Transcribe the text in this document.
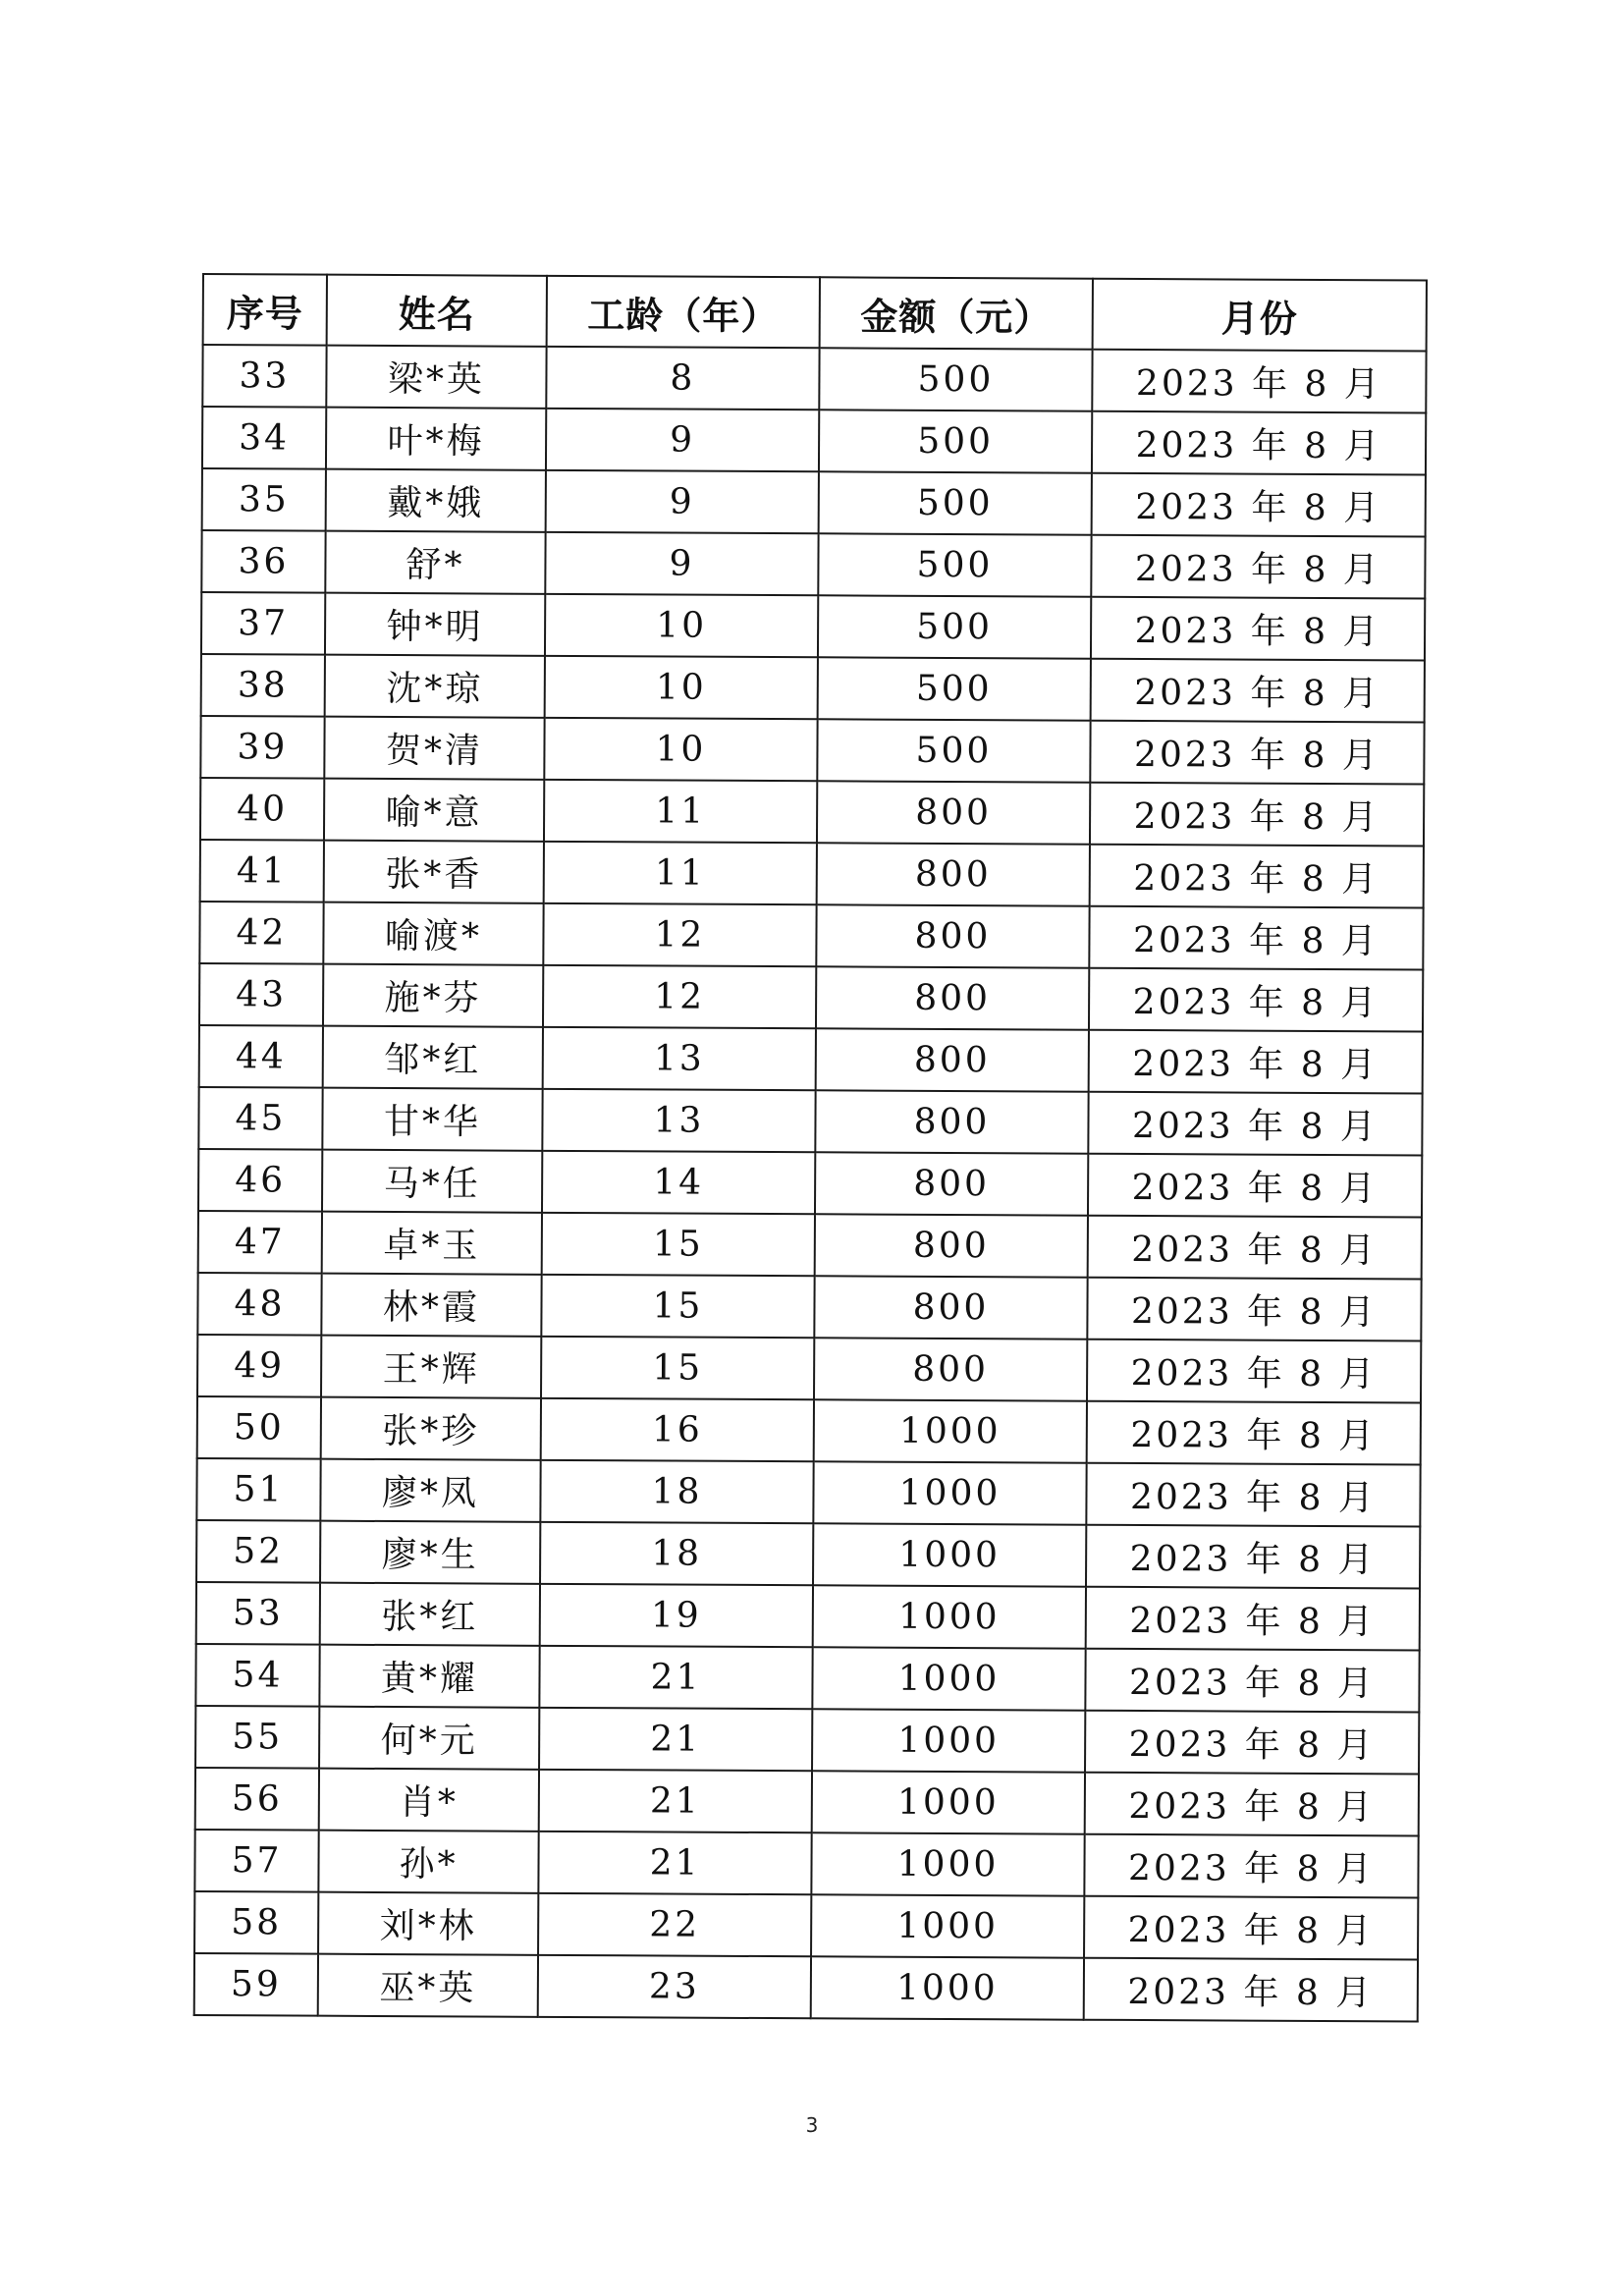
序号	姓名	工龄（年）	金额（元）	月份
33	梁*英	8	500	2023 年 8 月
34	叶*梅	9	500	2023 年 8 月
35	戴*娥	9	500	2023 年 8 月
36	舒*	9	500	2023 年 8 月
37	钟*明	10	500	2023 年 8 月
38	沈*琼	10	500	2023 年 8 月
39	贺*清	10	500	2023 年 8 月
40	喻*意	11	800	2023 年 8 月
41	张*香	11	800	2023 年 8 月
42	喻渡*	12	800	2023 年 8 月
43	施*芬	12	800	2023 年 8 月
44	邹*红	13	800	2023 年 8 月
45	甘*华	13	800	2023 年 8 月
46	马*任	14	800	2023 年 8 月
47	卓*玉	15	800	2023 年 8 月
48	林*霞	15	800	2023 年 8 月
49	王*辉	15	800	2023 年 8 月
50	张*珍	16	1000	2023 年 8 月
51	廖*凤	18	1000	2023 年 8 月
52	廖*生	18	1000	2023 年 8 月
53	张*红	19	1000	2023 年 8 月
54	黄*耀	21	1000	2023 年 8 月
55	何*元	21	1000	2023 年 8 月
56	肖*	21	1000	2023 年 8 月
57	孙*	21	1000	2023 年 8 月
58	刘*林	22	1000	2023 年 8 月
59	巫*英	23	1000	2023 年 8 月
3
